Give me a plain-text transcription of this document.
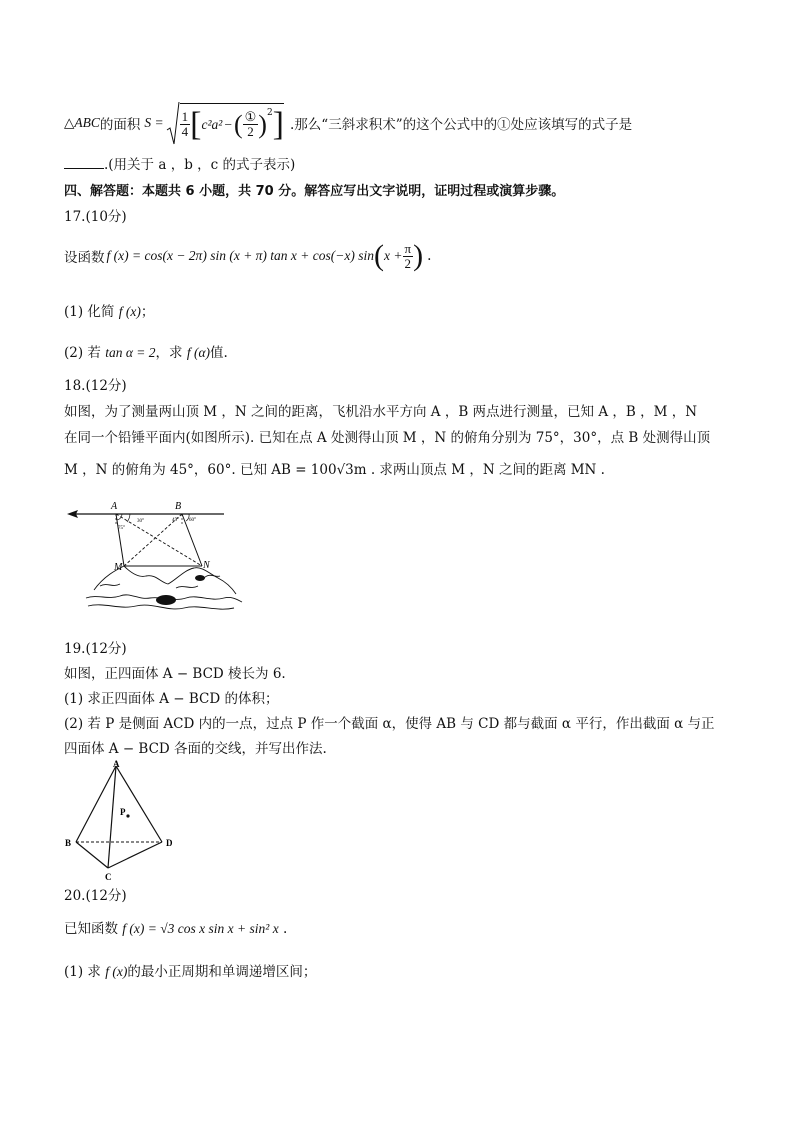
△ ABC 的面积 $S = \frac{1}{4}$ [ c²a² − ( $\frac{\text{①}}{2} )^2$ ] .那么“三斜求积术”的这个公式中的①处应该填写的式子是
.(用关于 a ，b ，c 的式子表示)
四、解答题：本题共 6 小题，共 70 分。解答应写出文字说明，证明过程或演算步骤。
17.(10分)
设函数 f (x) = cos(x − 2π) sin (x + π) tan x + cos(−x) sin ( $x + \frac{\pi}{2}$ ) .
(1) 化简 f (x)；
(2) 若 tan α = 2，求 f (α)值.
18.(12分)
如图，为了测量两山顶 M ，N 之间的距离，飞机沿水平方向 A ，B 两点进行测量，已知 A ，B ，M ，N
在同一个铅锤平面内(如图所示). 已知在点 A 处测得山顶 M ，N 的俯角分别为 75°，30°，点 B 处测得山顶
M ，N 的俯角为 45°，60°. 已知 AB = 100√3m . 求两山顶点 M ，N 之间的距离 MN .
A	B
M	N
75°
30°	45° 60°
19.(12分)
如图，正四面体 A − BCD 棱长为 6.
(1) 求正四面体 A − BCD 的体积；
(2) 若 P 是侧面 ACD 内的一点，过点 P 作一个截面 α，使得 AB 与 CD 都与截面 α 平行，作出截面 α 与正
四面体 A − BCD 各面的交线，并写出作法.
A
B
C
D
P
20.(12分)
已知函数 f (x) = √3 cos x sin x + sin² x .
(1) 求 f (x)的最小正周期和单调递增区间；
